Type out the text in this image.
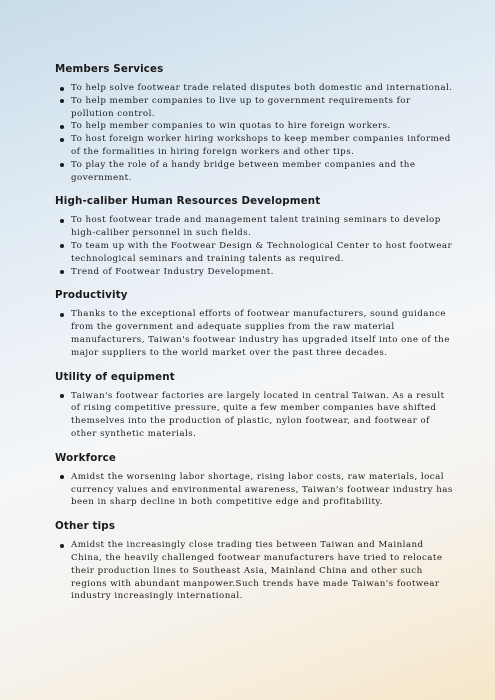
Members Services
To help solve footwear trade related disputes both domestic and international.
To help member companies to live up to government requirements for pollution control.
To help member companies to win quotas to hire foreign workers.
To host foreign worker hiring workshops to keep member companies informed of the formalities in hiring foreign workers and other tips.
To play the role of a handy bridge between member companies and the government.
High-caliber Human Resources Development
To host footwear trade and management talent training seminars to develop high-caliber personnel in such fields.
To team up with the Footwear Design & Technological Center to host footwear technological seminars and training talents as required.
Trend of Footwear Industry Development.
Productivity
Thanks to the exceptional efforts of footwear manufacturers, sound guidance from the government and adequate supplies from the raw material manufacturers, Taiwan's footwear industry has upgraded itself into one of the major suppliers to the world market over the past three decades.
Utility of equipment
Taiwan's footwear factories are largely located in central Taiwan. As a result of rising competitive pressure, quite a few member companies have shifted themselves into the production of plastic, nylon footwear, and footwear of other synthetic materials.
Workforce
Amidst the worsening labor shortage, rising labor costs, raw materials, local currency values and environmental awareness, Taiwan's footwear industry has been in sharp decline in both competitive edge and profitability.
Other tips
Amidst the increasingly close trading ties between Taiwan and Mainland China, the heavily challenged footwear manufacturers have tried to relocate their production lines to Southeast Asia, Mainland China and other such regions with abundant manpower.Such trends have made Taiwan's footwear industry increasingly international.
